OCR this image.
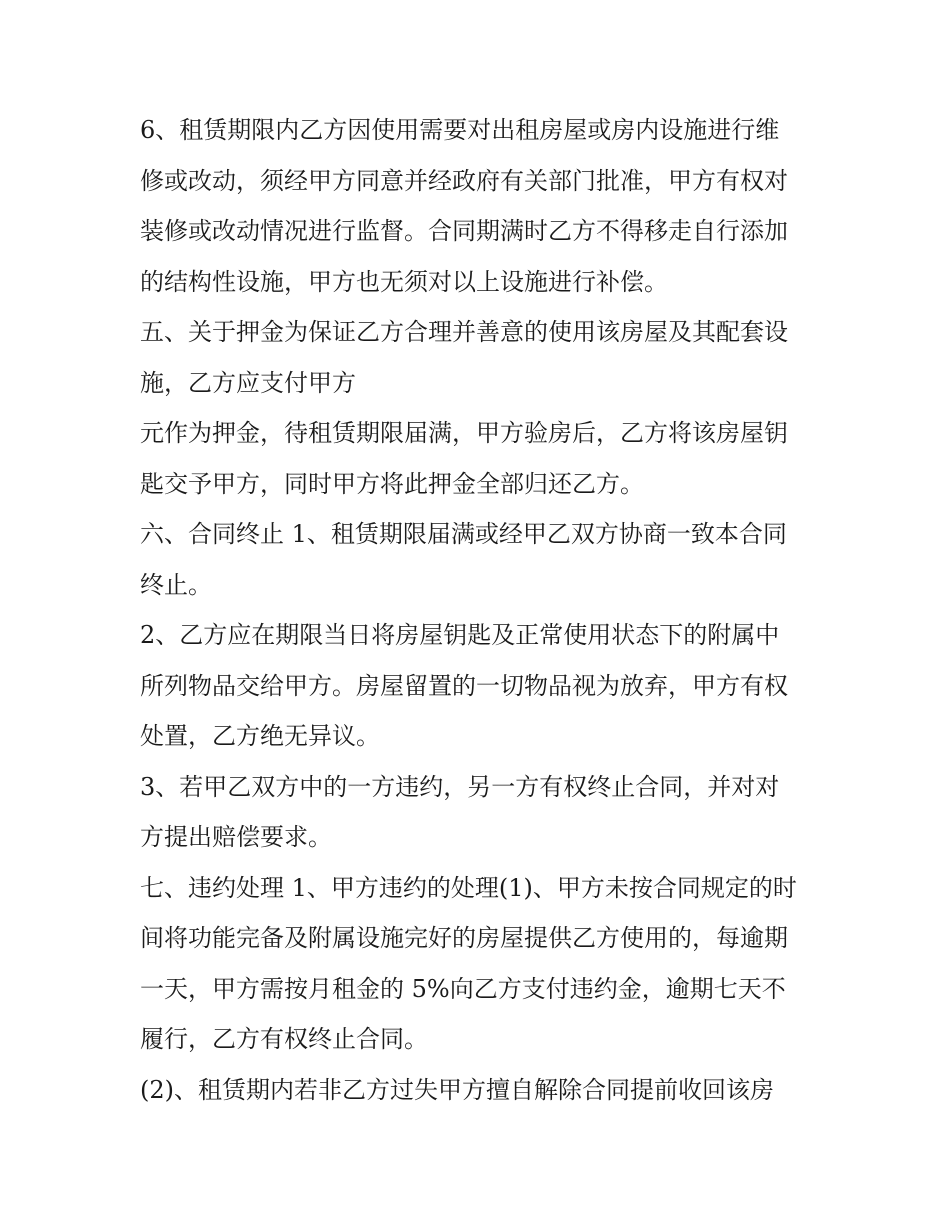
6、租赁期限内乙方因使用需要对出租房屋或房内设施进行维
修或改动，须经甲方同意并经政府有关部门批准，甲方有权对
装修或改动情况进行监督。合同期满时乙方不得移走自行添加
的结构性设施，甲方也无须对以上设施进行补偿。
五、关于押金为保证乙方合理并善意的使用该房屋及其配套设
施，乙方应支付甲方
元作为押金，待租赁期限届满，甲方验房后，乙方将该房屋钥
匙交予甲方，同时甲方将此押金全部归还乙方。
六、合同终止 1、租赁期限届满或经甲乙双方协商一致本合同
终止。
2、乙方应在期限当日将房屋钥匙及正常使用状态下的附属中
所列物品交给甲方。房屋留置的一切物品视为放弃，甲方有权
处置，乙方绝无异议。
3、若甲乙双方中的一方违约，另一方有权终止合同，并对对
方提出赔偿要求。
七、违约处理 1、甲方违约的处理(1)、甲方未按合同规定的时
间将功能完备及附属设施完好的房屋提供乙方使用的，每逾期
一天，甲方需按月租金的 5%向乙方支付违约金，逾期七天不
履行，乙方有权终止合同。
(2)、租赁期内若非乙方过失甲方擅自解除合同提前收回该房
